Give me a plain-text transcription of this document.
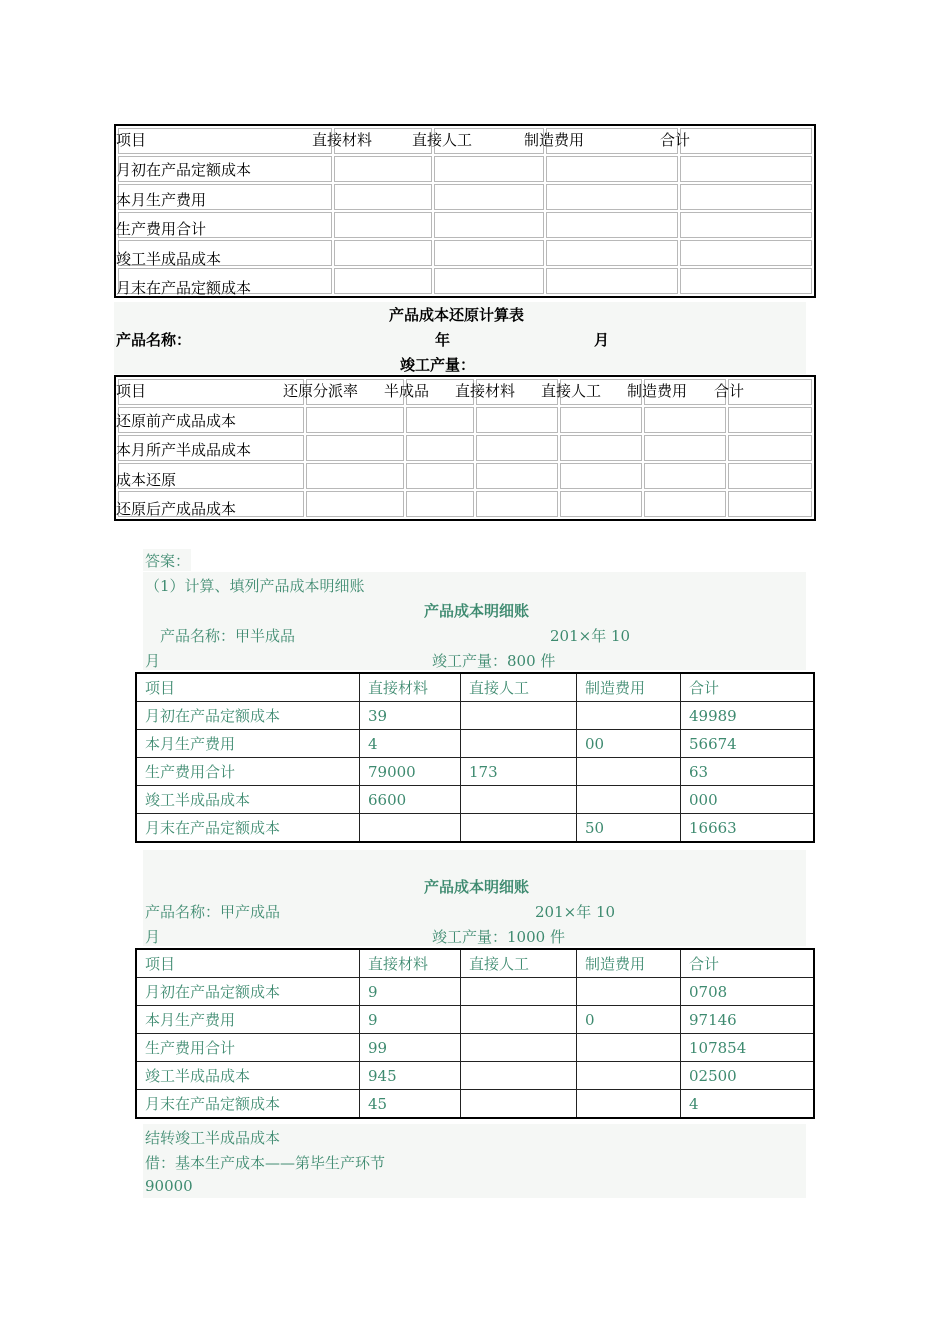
项目	直接材料	直接人工	制造费用	合计
月初在产品定额成本
本月生产费用
生产费用合计
竣工半成品成本
月末在产品定额成本
产品成本还原计算表
产品名称：	年	月
竣工产量：

项目	还原分派率 半成品 直接材料 直接人工 制造费用 合计
还原前产成品成本
本月所产半成品成本
成本还原
还原后产成品成本
答案：
（1）计算、填列产品成本明细账
产品成本明细账
产品名称：甲半成品	201×年 10
月	竣工产量：800 件
项目	直接材料	直接人工	制造费用	合计
月初在产品定额成本	39			49989
本月生产费用	4		00	56674
生产费用合计	79000	173		63
竣工半成品成本	6600			000
月末在产品定额成本			50	16663
产品成本明细账
产品名称：甲产成品	201×年 10
月	竣工产量：1000 件
项目	直接材料	直接人工	制造费用	合计
月初在产品定额成本	9			0708
本月生产费用	9		0	97146
生产费用合计	99			107854
竣工半成品成本	945			02500
月末在产品定额成本	45			4
结转竣工半成品成本
借：基本生产成本——第毕生产环节
90000
